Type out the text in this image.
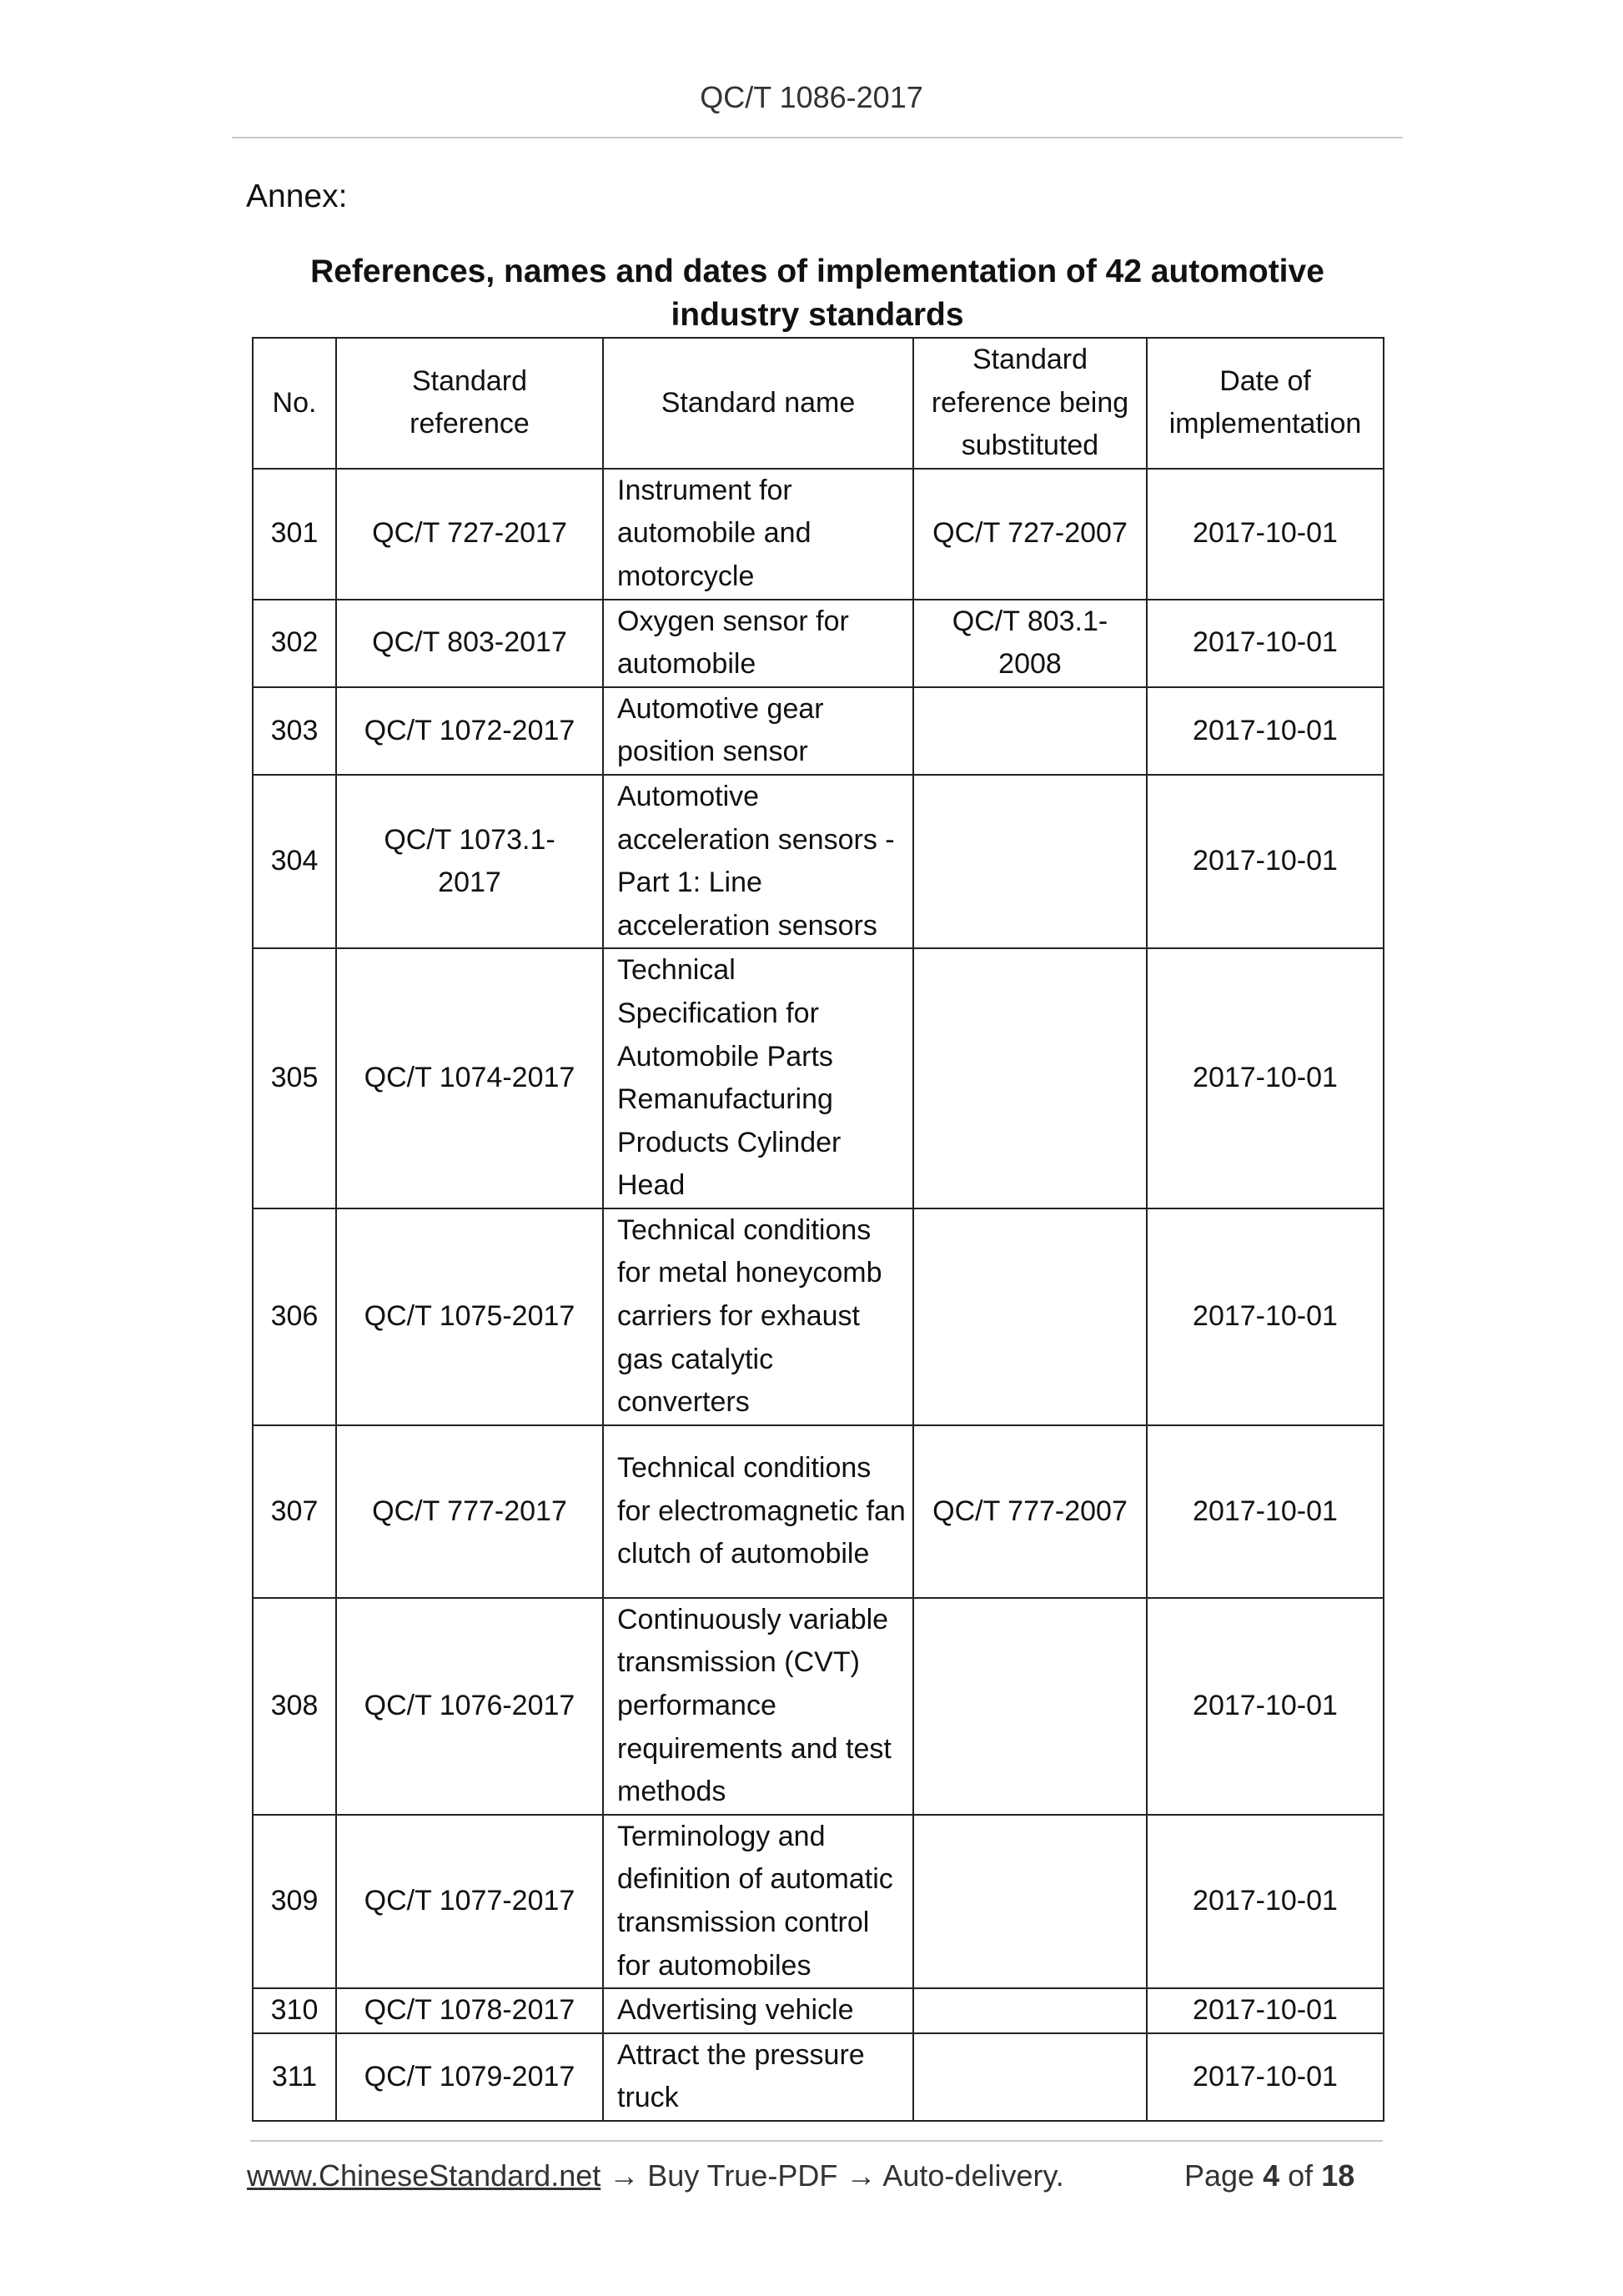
QC/T 1086-2017
Annex:
References, names and dates of implementation of 42 automotive
industry standards
No.	Standard reference	Standard name	Standard reference being substituted	Date of implementation
301	QC/T 727-2017	Instrument for automobile and motorcycle	QC/T 727-2007	2017-10-01
302	QC/T 803-2017	Oxygen sensor for automobile	QC/T 803.1-2008	2017-10-01
303	QC/T 1072-2017	Automotive gear position sensor		2017-10-01
304	QC/T 1073.1-2017	Automotive acceleration sensors - Part 1: Line acceleration sensors		2017-10-01
305	QC/T 1074-2017	Technical Specification for Automobile Parts Remanufacturing Products Cylinder Head		2017-10-01
306	QC/T 1075-2017	Technical conditions for metal honeycomb carriers for exhaust gas catalytic converters		2017-10-01
307	QC/T 777-2017	Technical conditions for electromagnetic fan clutch of automobile	QC/T 777-2007	2017-10-01
308	QC/T 1076-2017	Continuously variable transmission (CVT) performance requirements and test methods		2017-10-01
309	QC/T 1077-2017	Terminology and definition of automatic transmission control for automobiles		2017-10-01
310	QC/T 1078-2017	Advertising vehicle		2017-10-01
311	QC/T 1079-2017	Attract the pressure truck		2017-10-01
www.ChineseStandard.net → Buy True-PDF → Auto-delivery.	Page 4 of 18
